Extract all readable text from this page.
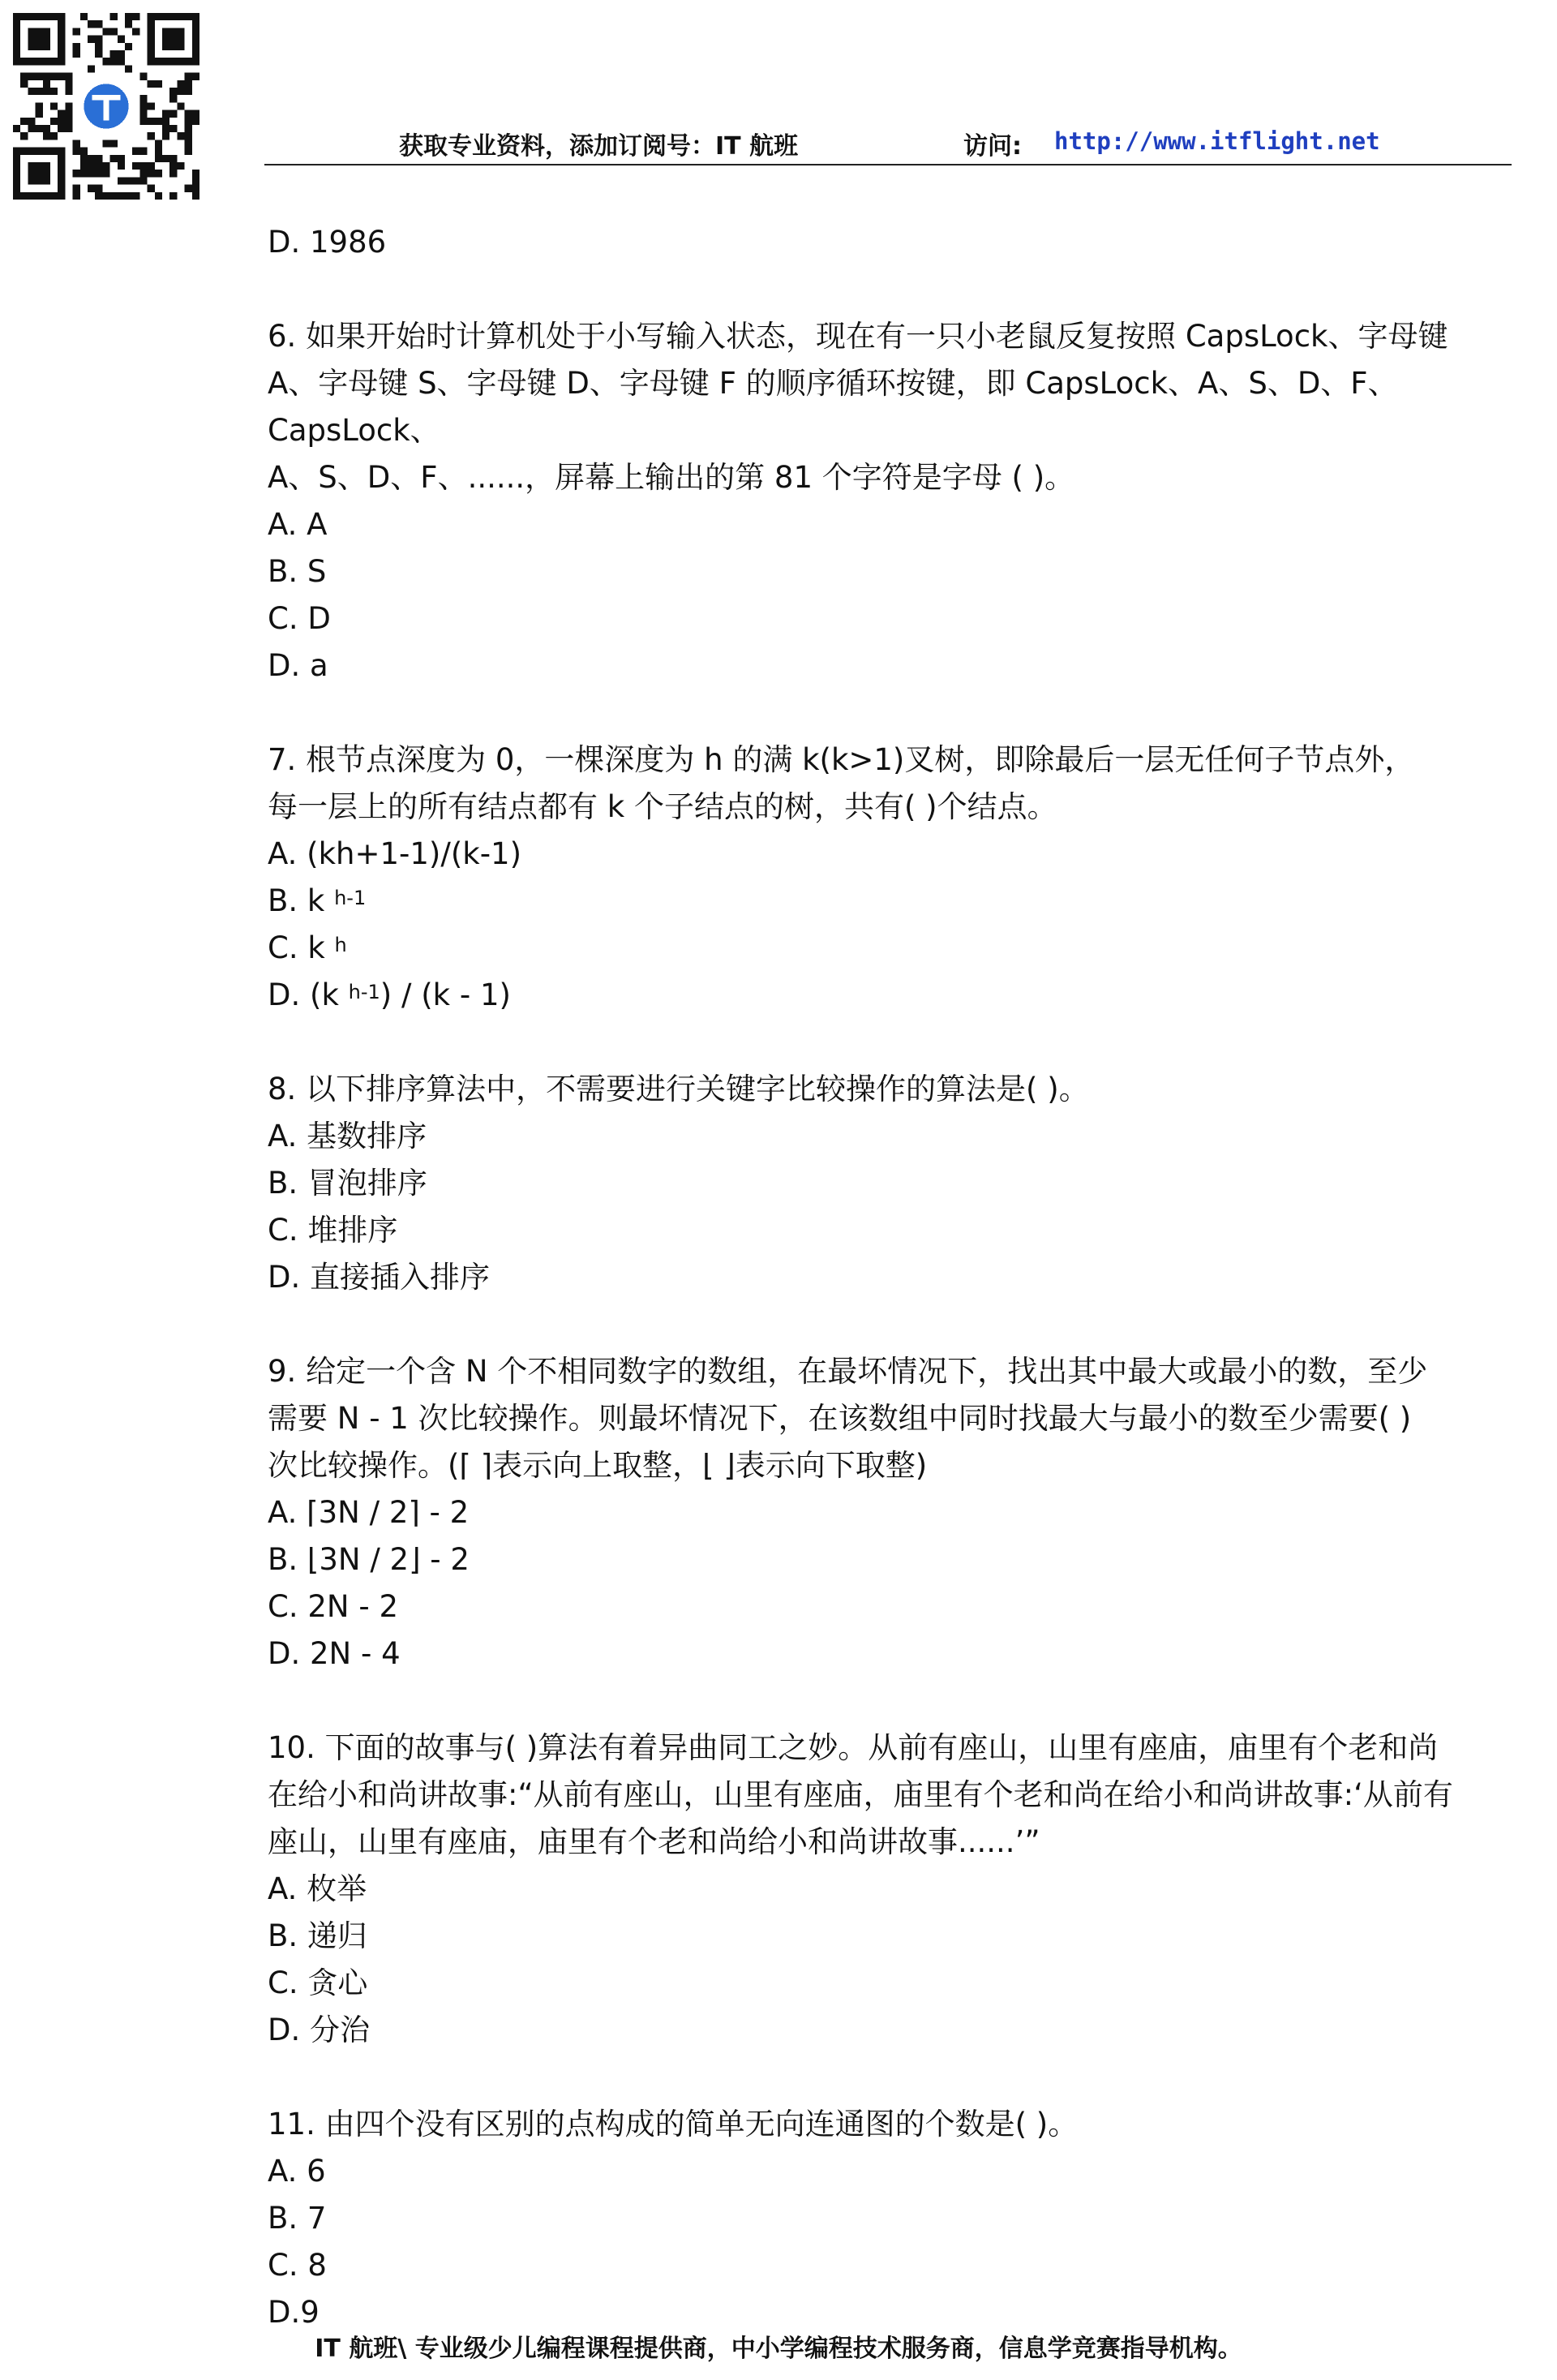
获取专业资料，添加订阅号：IT 航班	访问: http://www.itflight.net
D. 1986
6. 如果开始时计算机处于小写输入状态，现在有一只小老鼠反复按照 CapsLock、字母键
A、字母键 S、字母键 D、字母键 F 的顺序循环按键，即 CapsLock、A、S、D、F、CapsLock、
A、S、D、F、......，屏幕上输出的第 81 个字符是字母 ( )。
A. A
B. S
C. D
D. a
7. 根节点深度为 0，一棵深度为 h 的满 k(k>1)叉树，即除最后一层无任何子节点外，
每一层上的所有结点都有 k 个子结点的树，共有( )个结点。
A. (kh+1-1)/(k-1)
B. k $^{h-1}$
C. k $^h$
D. (k $^{h-1}$) / (k - 1)
8. 以下排序算法中，不需要进行关键字比较操作的算法是( )。
A. 基数排序
B. 冒泡排序
C. 堆排序
D. 直接插入排序
9. 给定一个含 N 个不相同数字的数组，在最坏情况下，找出其中最大或最小的数，至少
需要 N - 1 次比较操作。则最坏情况下，在该数组中同时找最大与最小的数至少需要( )
次比较操作。(⌈ ⌉表示向上取整，⌊ ⌋表示向下取整)
A. ⌈3N / 2⌉ - 2
B. ⌊3N / 2⌋ - 2
C. 2N - 2
D. 2N - 4
10. 下面的故事与( )算法有着异曲同工之妙。从前有座山，山里有座庙，庙里有个老和尚
在给小和尚讲故事:“从前有座山，山里有座庙，庙里有个老和尚在给小和尚讲故事:‘从前有
座山，山里有座庙，庙里有个老和尚给小和尚讲故事......’”
A. 枚举
B. 递归
C. 贪心
D. 分治
11. 由四个没有区别的点构成的简单无向连通图的个数是( )。
A. 6
B. 7
C. 8
D.9
IT 航班\ 专业级少儿编程课程提供商，中小学编程技术服务商，信息学竞赛指导机构。
